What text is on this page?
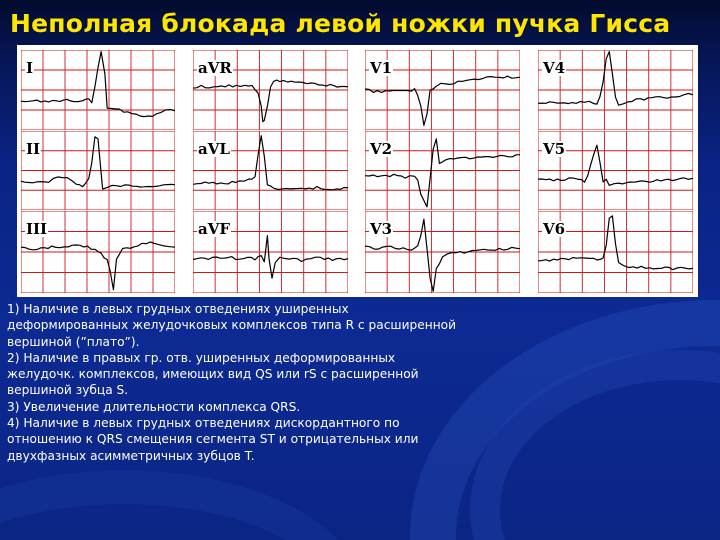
Неполная блокада левой ножки пучка Гисса
I
II
III
aVR
aVL
aVF
V1
V2
V3
V4
V5
V6

1) Наличие в левых грудных отведениях уширенных

деформированных желудочковых комплексов типа R с расширенной

вершиной (”плато”).

2) Наличие в правых гр. отв. уширенных деформированных

желудочк. комплексов, имеющих вид QS или rS с расширенной

вершиной зубца S.

3) Увеличение длительности комплекса QRS.

4) Наличие в левых грудных отведениях дискордантного по

отношению к QRS смещения сегмента ST и отрицательных или

двухфазных асимметричных зубцов T.
